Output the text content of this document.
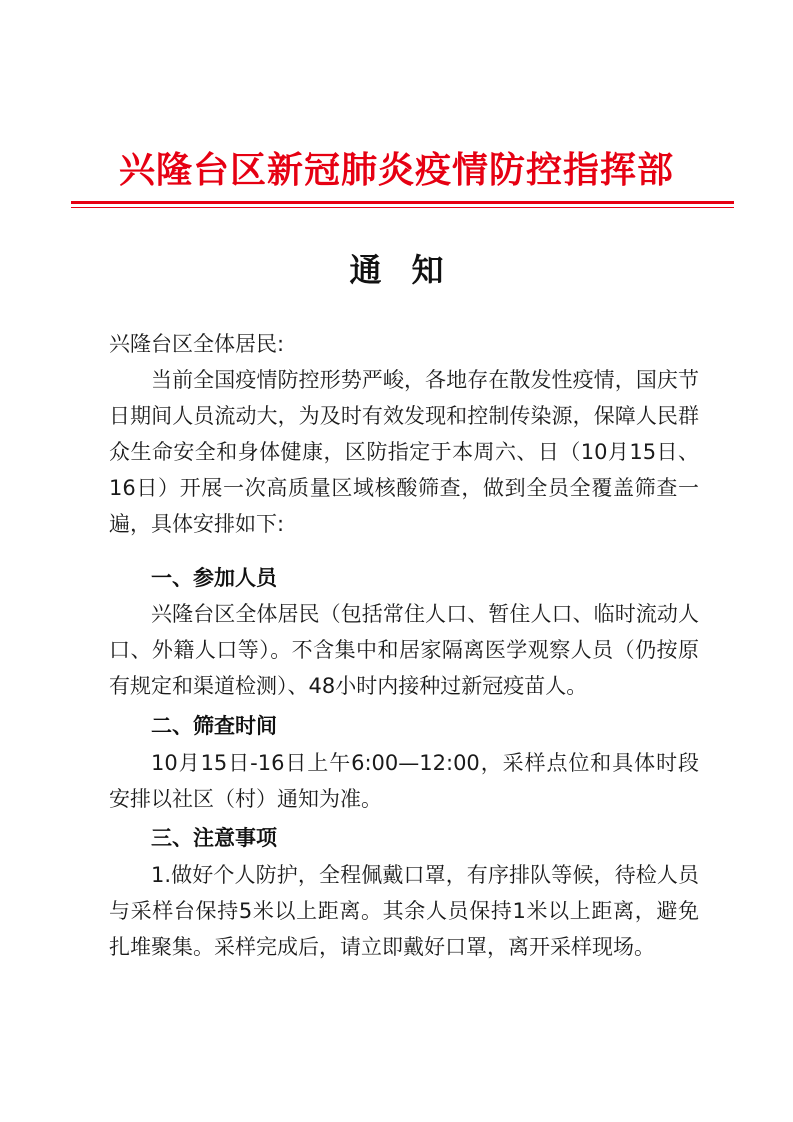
兴隆台区新冠肺炎疫情防控指挥部
通知
兴隆台区全体居民:
当前全国疫情防控形势严峻，各地存在散发性疫情，国庆节日期间人员流动大，为及时有效发现和控制传染源，保障人民群众生命安全和身体健康，区防指定于本周六、日（10月15日、16日）开展一次高质量区域核酸筛查，做到全员全覆盖筛查一遍，具体安排如下:
一、参加人员
兴隆台区全体居民（包括常住人口、暂住人口、临时流动人口、外籍人口等）。不含集中和居家隔离医学观察人员（仍按原有规定和渠道检测）、48小时内接种过新冠疫苗人。
二、筛查时间
10月15日-16日上午6:00—12:00，采样点位和具体时段安排以社区（村）通知为准。
三、注意事项
1.做好个人防护，全程佩戴口罩，有序排队等候，待检人员与采样台保持5米以上距离。其余人员保持1米以上距离，避免扎堆聚集。采样完成后，请立即戴好口罩，离开采样现场。
